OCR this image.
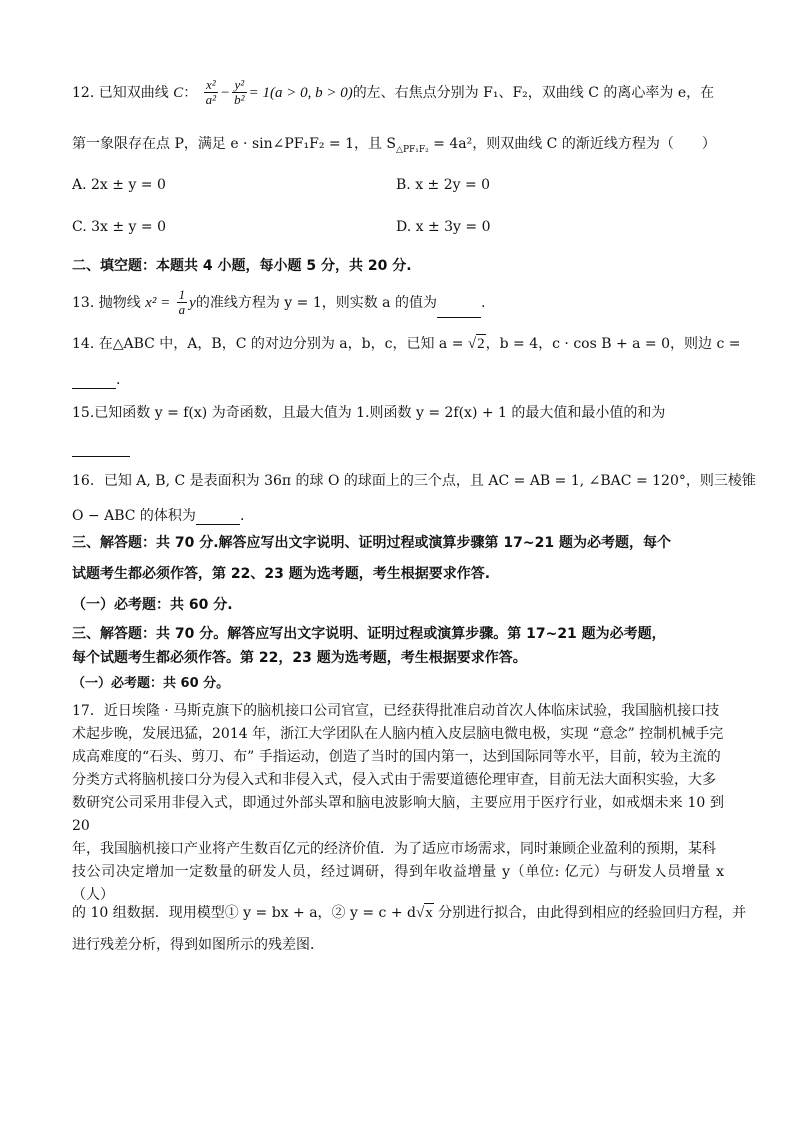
12. 已知双曲线 C： $\frac{\text{x²}}{\text{a²}} - \frac{\text{y²}}{\text{b²}} = 1(a > 0$, b > 0)的左、右焦点分别为 F₁、F₂，双曲线 C 的离心率为 e，在
第一象限存在点 P，满足 e · sin∠PF₁F₂ = 1，且 $S_{\triangle PF_1F_2} = 4a^2$，则双曲线 C 的渐近线方程为（　　）
A. 2x ± y = 0	B. x ± 2y = 0
C. 3x ± y = 0	D. x ± 3y = 0
二、填空题：本题共 4 小题，每小题 5 分，共 20 分.
13. 抛物线 $x^2 = \frac{1}{a}$ y的准线方程为 y = 1，则实数 a 的值为	.
14. 在△ABC 中，A，B，C 的对边分别为 a，b，c，已知 a = √2，b = 4，c · cos B + a = 0，则边 c =
.
15.已知函数 y = f(x) 为奇函数，且最大值为 1.则函数 y = 2f(x) + 1 的最大值和最小值的和为
16．已知 A, B, C 是表面积为 36π 的球 O 的球面上的三个点，且 AC = AB = 1, ∠BAC = 120°，则三棱锥
O − ABC 的体积为	.
三、解答题：共 70 分.解答应写出文字说明、证明过程或演算步骤第 17~21 题为必考题，每个
试题考生都必须作答，第 22、23 题为选考题，考生根据要求作答.
（一）必考题：共 60 分.
三、解答题：共 70 分。解答应写出文字说明、证明过程或演算步骤。第 17~21 题为必考题，
每个试题考生都必须作答。第 22，23 题为选考题，考生根据要求作答。
（一）必考题：共 60 分。
17．近日埃隆 · 马斯克旗下的脑机接口公司官宣，已经获得批准启动首次人体临床试验，我国脑机接口技
术起步晚，发展迅猛，2014 年，浙江大学团队在人脑内植入皮层脑电微电极，实现 “意念” 控制机械手完
成高难度的“石头、剪刀、布” 手指运动，创造了当时的国内第一，达到国际同等水平，目前，较为主流的
分类方式将脑机接口分为侵入式和非侵入式，侵入式由于需要道德伦理审查，目前无法大面积实验，大多
数研究公司采用非侵入式，即通过外部头罩和脑电波影响大脑，主要应用于医疗行业，如戒烟未来 10 到 20
年，我国脑机接口产业将产生数百亿元的经济价值．为了适应市场需求，同时兼顾企业盈利的预期，某科
技公司决定增加一定数量的研发人员，经过调研，得到年收益增量 y（单位: 亿元）与研发人员增量 x（人）
的 10 组数据．现用模型① y = bx + a，② y = c + d√x 分别进行拟合，由此得到相应的经验回归方程，并
进行残差分析，得到如图所示的残差图．
